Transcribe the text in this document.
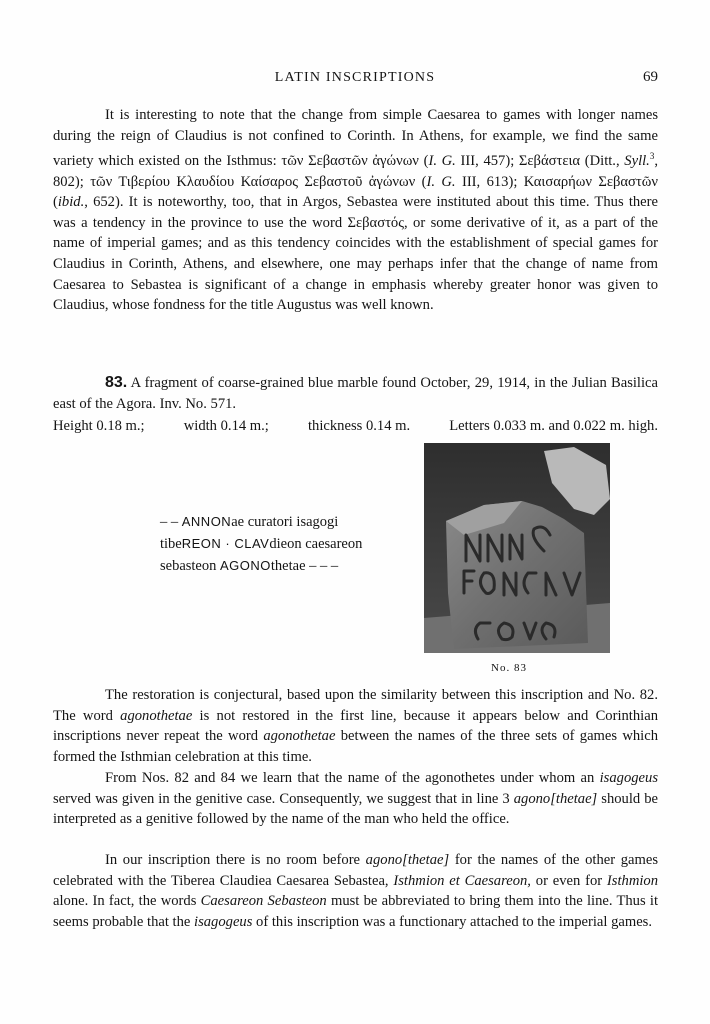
LATIN INSCRIPTIONS	69

It is interesting to note that the change from simple Caesarea to games with longer names during the reign of Claudius is not confined to Corinth. In Athens, for example, we find the same variety which existed on the Isthmus: τῶν Σεβαστῶν ἀγώνων (I. G. III, 457); Σεβάστεια (Ditt., Syll.$^3$, 802); τῶν Τιβερίου Κλαυδίου Καίσαρος Σεβαστοῦ ἀγώνων (I. G. III, 613); Καισαρήων Σεβαστῶν (ibid., 652). It is noteworthy, too, that in Argos, Sebastea were instituted about this time. Thus there was a tendency in the province to use the word Σεβαστός, or some derivative of it, as a part of the name of imperial games; and as this tendency coincides with the establishment of special games for Claudius in Corinth, Athens, and elsewhere, one may perhaps infer that the change of name from Caesarea to Sebastea is significant of a change in emphasis whereby greater honor was given to Claudius, whose fondness for the title Augustus was well known.

83. A fragment of coarse-grained blue marble found October, 29, 1914, in the Julian Basilica east of the Agora. Inv. No. 571.

Height 0.18 m.;	width 0.14 m.;	thickness 0.14 m.	Letters 0.033 m. and 0.022 m. high.
– – ANNONae curatori isagogi
tibeREON · CLAVdieon caesareon
sebasteon AGONOthetae – – –
No. 83

The restoration is conjectural, based upon the similarity between this inscription and No. 82. The word agonothetae is not restored in the first line, because it appears below and Corinthian inscriptions never repeat the word agonothetae between the names of the three sets of games which formed the Isthmian celebration at this time.

From Nos. 82 and 84 we learn that the name of the agonothetes under whom an isagogeus served was given in the genitive case. Consequently, we suggest that in line 3 agono[thetae] should be interpreted as a genitive followed by the name of the man who held the office.

In our inscription there is no room before agono[thetae] for the names of the other games celebrated with the Tiberea Claudiea Caesarea Sebastea, Isthmion et Caesareon, or even for Isthmion alone. In fact, the words Caesareon Sebasteon must be abbreviated to bring them into the line. Thus it seems probable that the isagogeus of this inscription was a functionary attached to the imperial games.
